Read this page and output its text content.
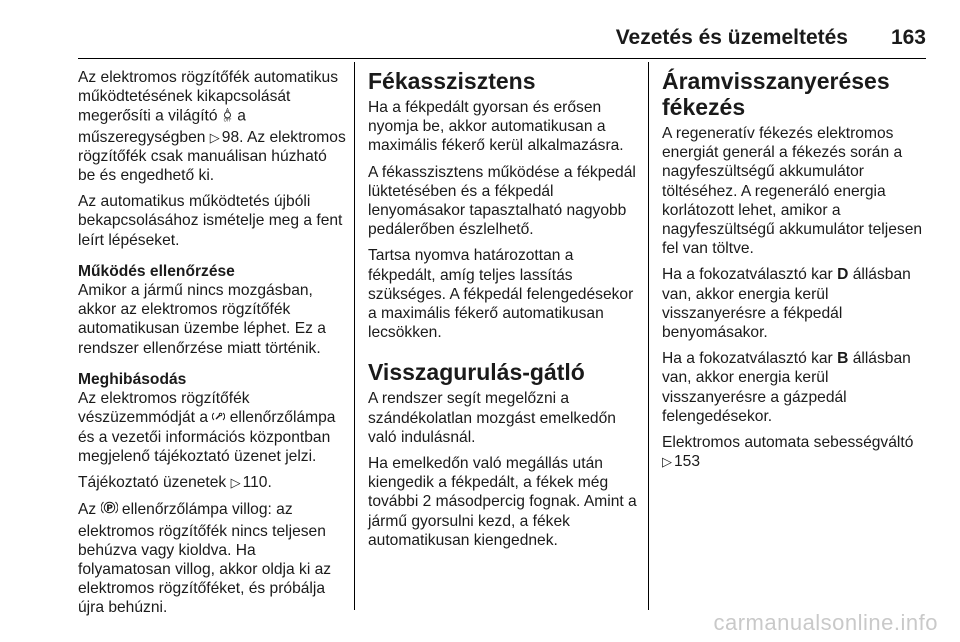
Vezetés és üzemeltetés 163

Az elektromos rögzítőfék automatikus működtetésének kikapcsolását megerősíti a világító A
OFF a műszeregységben ▷ 98. Az elektromos rögzítőfék csak manuálisan húzható be és engedhető ki.

Az automatikus működtetés újbóli bekapcsolásához ismételje meg a fent leírt lépéseket.

Működés ellenőrzése

Amikor a jármű nincs mozgásban, akkor az elektromos rögzítőfék automatikusan üzembe léphet. Ez a rendszer ellenőrzése miatt történik.

Meghibásodás

Az elektromos rögzítőfék vészüzemmódját a ellenőrzőlámpa és a vezetői információs központban megjelenő tájékoztató üzenet jelzi.

Tájékoztató üzenetek ▷ 110.

Az P ellenőrzőlámpa villog: az elektromos rögzítőfék nincs teljesen behúzva vagy kioldva. Ha folyamatosan villog, akkor oldja ki az elektromos rögzítőféket, és próbálja újra behúzni.

Fékasszisztens

Ha a fékpedált gyorsan és erősen nyomja be, akkor automatikusan a maximális fékerő kerül alkalmazásra.

A fékasszisztens működése a fékpedál lüktetésében és a fékpedál lenyomásakor tapasztalható nagyobb pedálerőben észlelhető.

Tartsa nyomva határozottan a fékpedált, amíg teljes lassítás szükséges. A fékpedál felengedésekor a maximális fékerő automatikusan lecsökken.

Visszagurulás-gátló

A rendszer segít megelőzni a szándékolatlan mozgást emelkedőn való indulásnál.

Ha emelkedőn való megállás után kiengedik a fékpedált, a fékek még további 2 másodpercig fognak. Amint a jármű gyorsulni kezd, a fékek automatikusan kiengednek.

Áramvisszanyeréses fékezés

A regeneratív fékezés elektromos energiát generál a fékezés során a nagyfeszültségű akkumulátor töltéséhez. A regeneráló energia korlátozott lehet, amikor a nagyfeszültségű akkumulátor teljesen fel van töltve.

Ha a fokozatválasztó kar D állásban van, akkor energia kerül visszanyerésre a fékpedál benyomásakor.

Ha a fokozatválasztó kar B állásban van, akkor energia kerül visszanyerésre a gázpedál felengedésekor.

Elektromos automata sebességváltó
▷ 153

carmanualsonline.info
